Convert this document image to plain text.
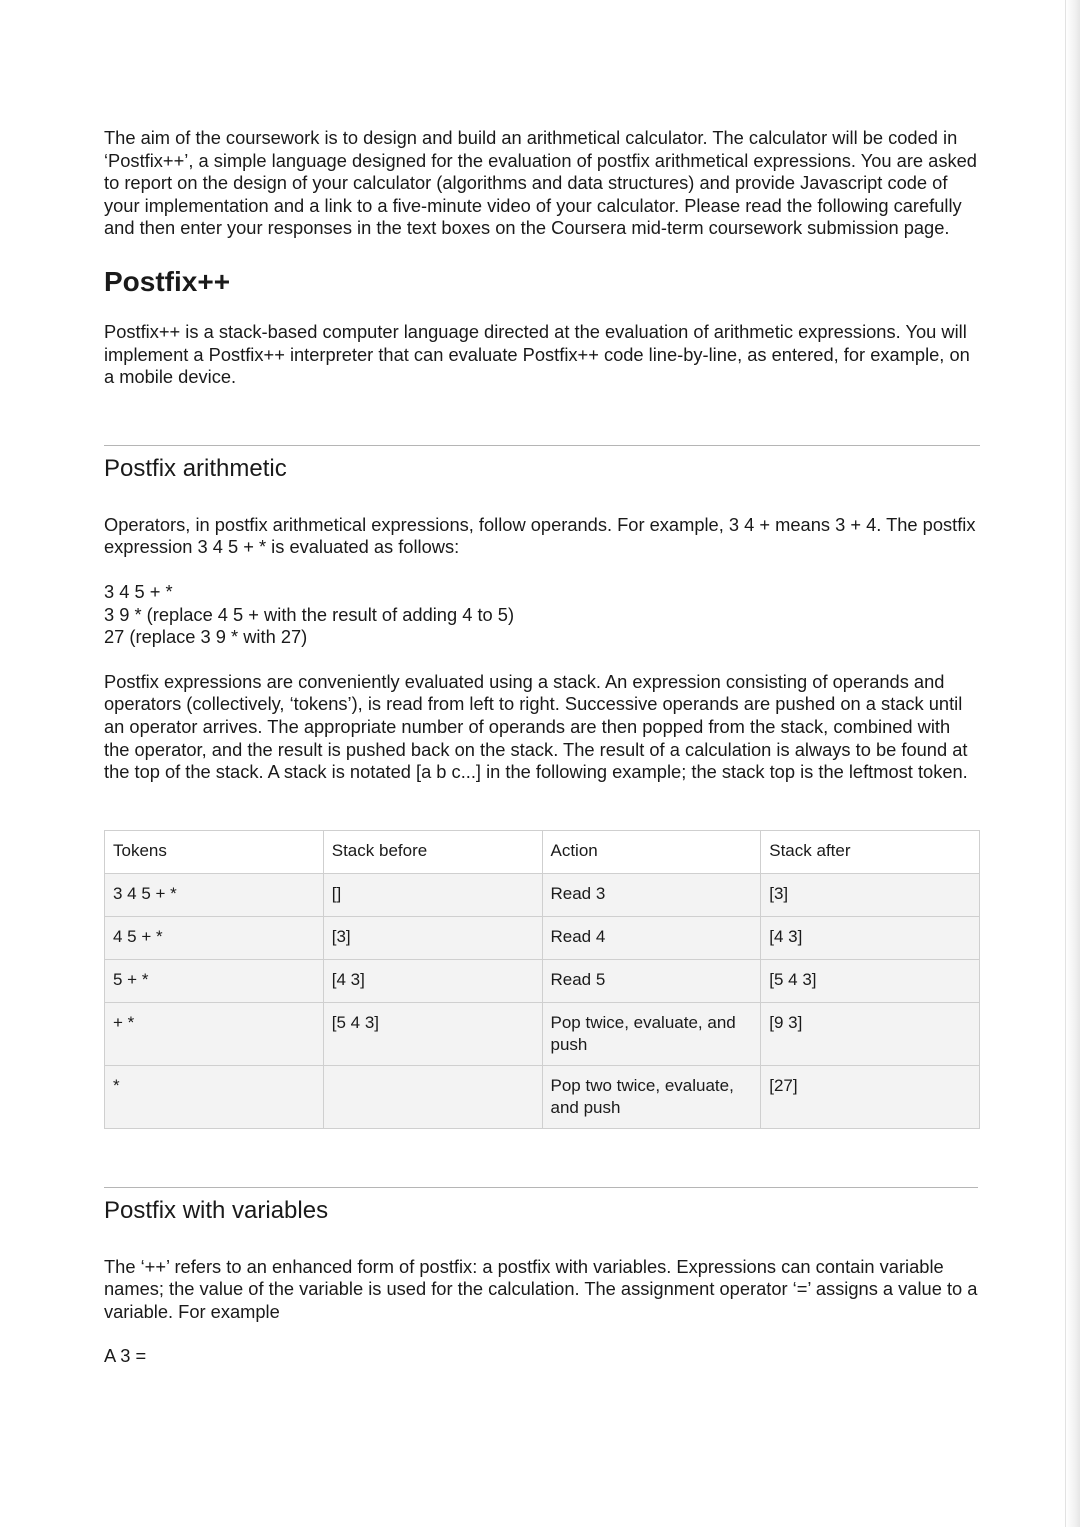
The aim of the coursework is to design and build an arithmetical calculator. The calculator will be coded in ‘Postfix++’, a simple language designed for the evaluation of postfix arithmetical expressions. You are asked to report on the design of your calculator (algorithms and data structures) and provide Javascript code of your implementation and a link to a five-minute video of your calculator. Please read the following carefully and then enter your responses in the text boxes on the Coursera mid-term coursework submission page.

Postfix++

Postfix++ is a stack-based computer language directed at the evaluation of arithmetic expressions. You will implement a Postfix++ interpreter that can evaluate Postfix++ code line-by-line, as entered, for example, on a mobile device.

Postfix arithmetic

Operators, in postfix arithmetical expressions, follow operands. For example, 3 4 + means 3 + 4. The postfix expression 3 4 5 + * is evaluated as follows:

3 4 5 + *
3 9 * (replace 4 5 + with the result of adding 4 to 5)
27 (replace 3 9 * with 27)

Postfix expressions are conveniently evaluated using a stack. An expression consisting of operands and operators (collectively, ‘tokens’), is read from left to right. Successive operands are pushed on a stack until an operator arrives. The appropriate number of operands are then popped from the stack, combined with the operator, and the result is pushed back on the stack. The result of a calculation is always to be found at the top of the stack. A stack is notated [a b c...] in the following example; the stack top is the leftmost token.

Tokens	Stack before	Action	Stack after
3 4 5 + *	[]	Read 3	[3]
4 5 + *	[3]	Read 4	[4 3]
5 + *	[4 3]	Read 5	[5 4 3]
+ *	[5 4 3]	Pop twice, evaluate, and push	[9 3]
*		Pop two twice, evaluate, and push	[27]
Postfix with variables

The ‘++’ refers to an enhanced form of postfix: a postfix with variables. Expressions can contain variable names; the value of the variable is used for the calculation. The assignment operator ‘=’ assigns a value to a variable. For example

A 3 =
